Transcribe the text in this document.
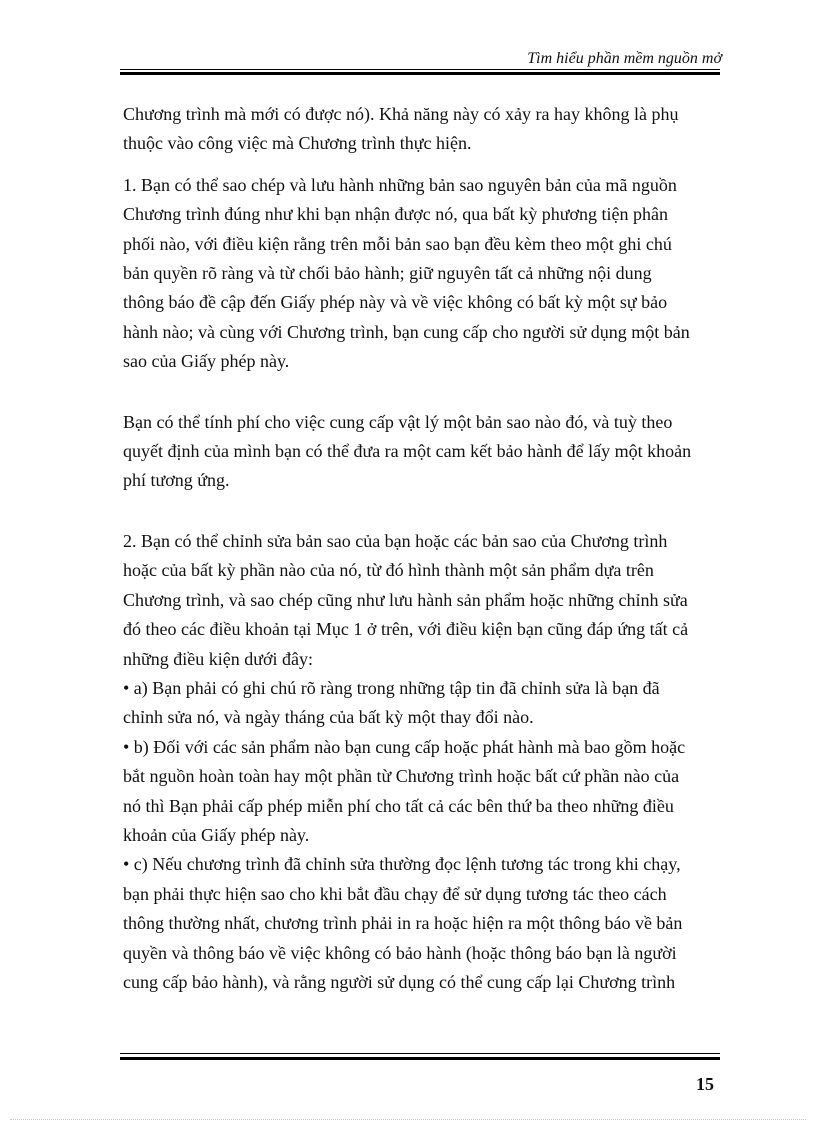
Tìm hiểu phần mềm nguồn mở

Chương trình mà mới có được nó). Khả năng này có xảy ra hay không là phụ

thuộc vào công việc mà Chương trình thực hiện.

1. Bạn có thể sao chép và lưu hành những bản sao nguyên bản của mã nguồn

Chương trình đúng như khi bạn nhận được nó, qua bất kỳ phương tiện phân

phối nào, với điều kiện rằng trên mỗi bản sao bạn đều kèm theo một ghi chú

bản quyền rõ ràng và từ chối bảo hành; giữ nguyên tất cả những nội dung

thông báo đề cập đến Giấy phép này và về việc không có bất kỳ một sự bảo

hành nào; và cùng với Chương trình, bạn cung cấp cho người sử dụng một bản

sao của Giấy phép này.

Bạn có thể tính phí cho việc cung cấp vật lý một bản sao nào đó, và tuỳ theo

quyết định của mình bạn có thể đưa ra một cam kết bảo hành để lấy một khoản

phí tương ứng.

2. Bạn có thể chỉnh sửa bản sao của bạn hoặc các bản sao của Chương trình

hoặc của bất kỳ phần nào của nó, từ đó hình thành một sản phẩm dựa trên

Chương trình, và sao chép cũng như lưu hành sản phẩm hoặc những chỉnh sửa

đó theo các điều khoản tại Mục 1 ở trên, với điều kiện bạn cũng đáp ứng tất cả

những điều kiện dưới đây:

• a) Bạn phải có ghi chú rõ ràng trong những tập tin đã chỉnh sửa là bạn đã

chỉnh sửa nó, và ngày tháng của bất kỳ một thay đổi nào.

• b) Đối với các sản phẩm nào bạn cung cấp hoặc phát hành mà bao gồm hoặc

bắt nguồn hoàn toàn hay một phần từ Chương trình hoặc bất cứ phần nào của

nó thì Bạn phải cấp phép miễn phí cho tất cả các bên thứ ba theo những điều

khoản của Giấy phép này.

• c) Nếu chương trình đã chỉnh sửa thường đọc lệnh tương tác trong khi chạy,

bạn phải thực hiện sao cho khi bắt đầu chạy để sử dụng tương tác theo cách

thông thường nhất, chương trình phải in ra hoặc hiện ra một thông báo về bản

quyền và thông báo về việc không có bảo hành (hoặc thông báo bạn là người

cung cấp bảo hành), và rằng người sử dụng có thể cung cấp lại Chương trình

15
